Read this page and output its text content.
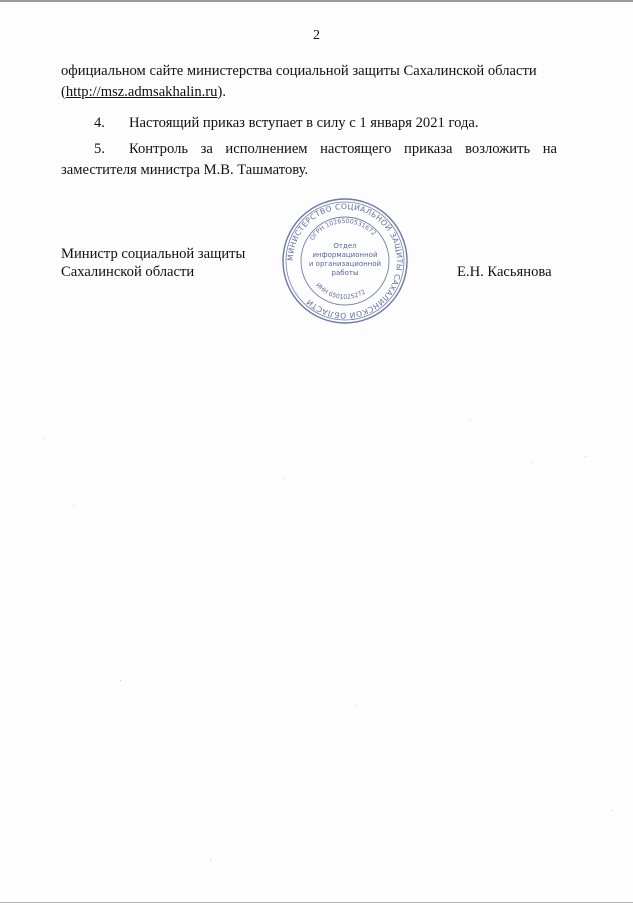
2
официальном сайте министерства социальной защиты Сахалинской области
(http://msz.admsakhalin.ru).
4. Настоящий приказ вступает в силу с 1 января 2021 года.
5. Контроль за исполнением настоящего приказа возложить на
заместителя министра М.В. Ташматову.
Министр социальной защиты
Сахалинской области
МИНИСТЕРСТВО СОЦИАЛЬНОЙ ЗАЩИТЫ САХАЛИНСКОЙ ОБЛАСТИ
ОГРН 1026500531672
ИНН 6501025272
Отдел
информационной
и организационной
работы	Е.Н. Касьянова
